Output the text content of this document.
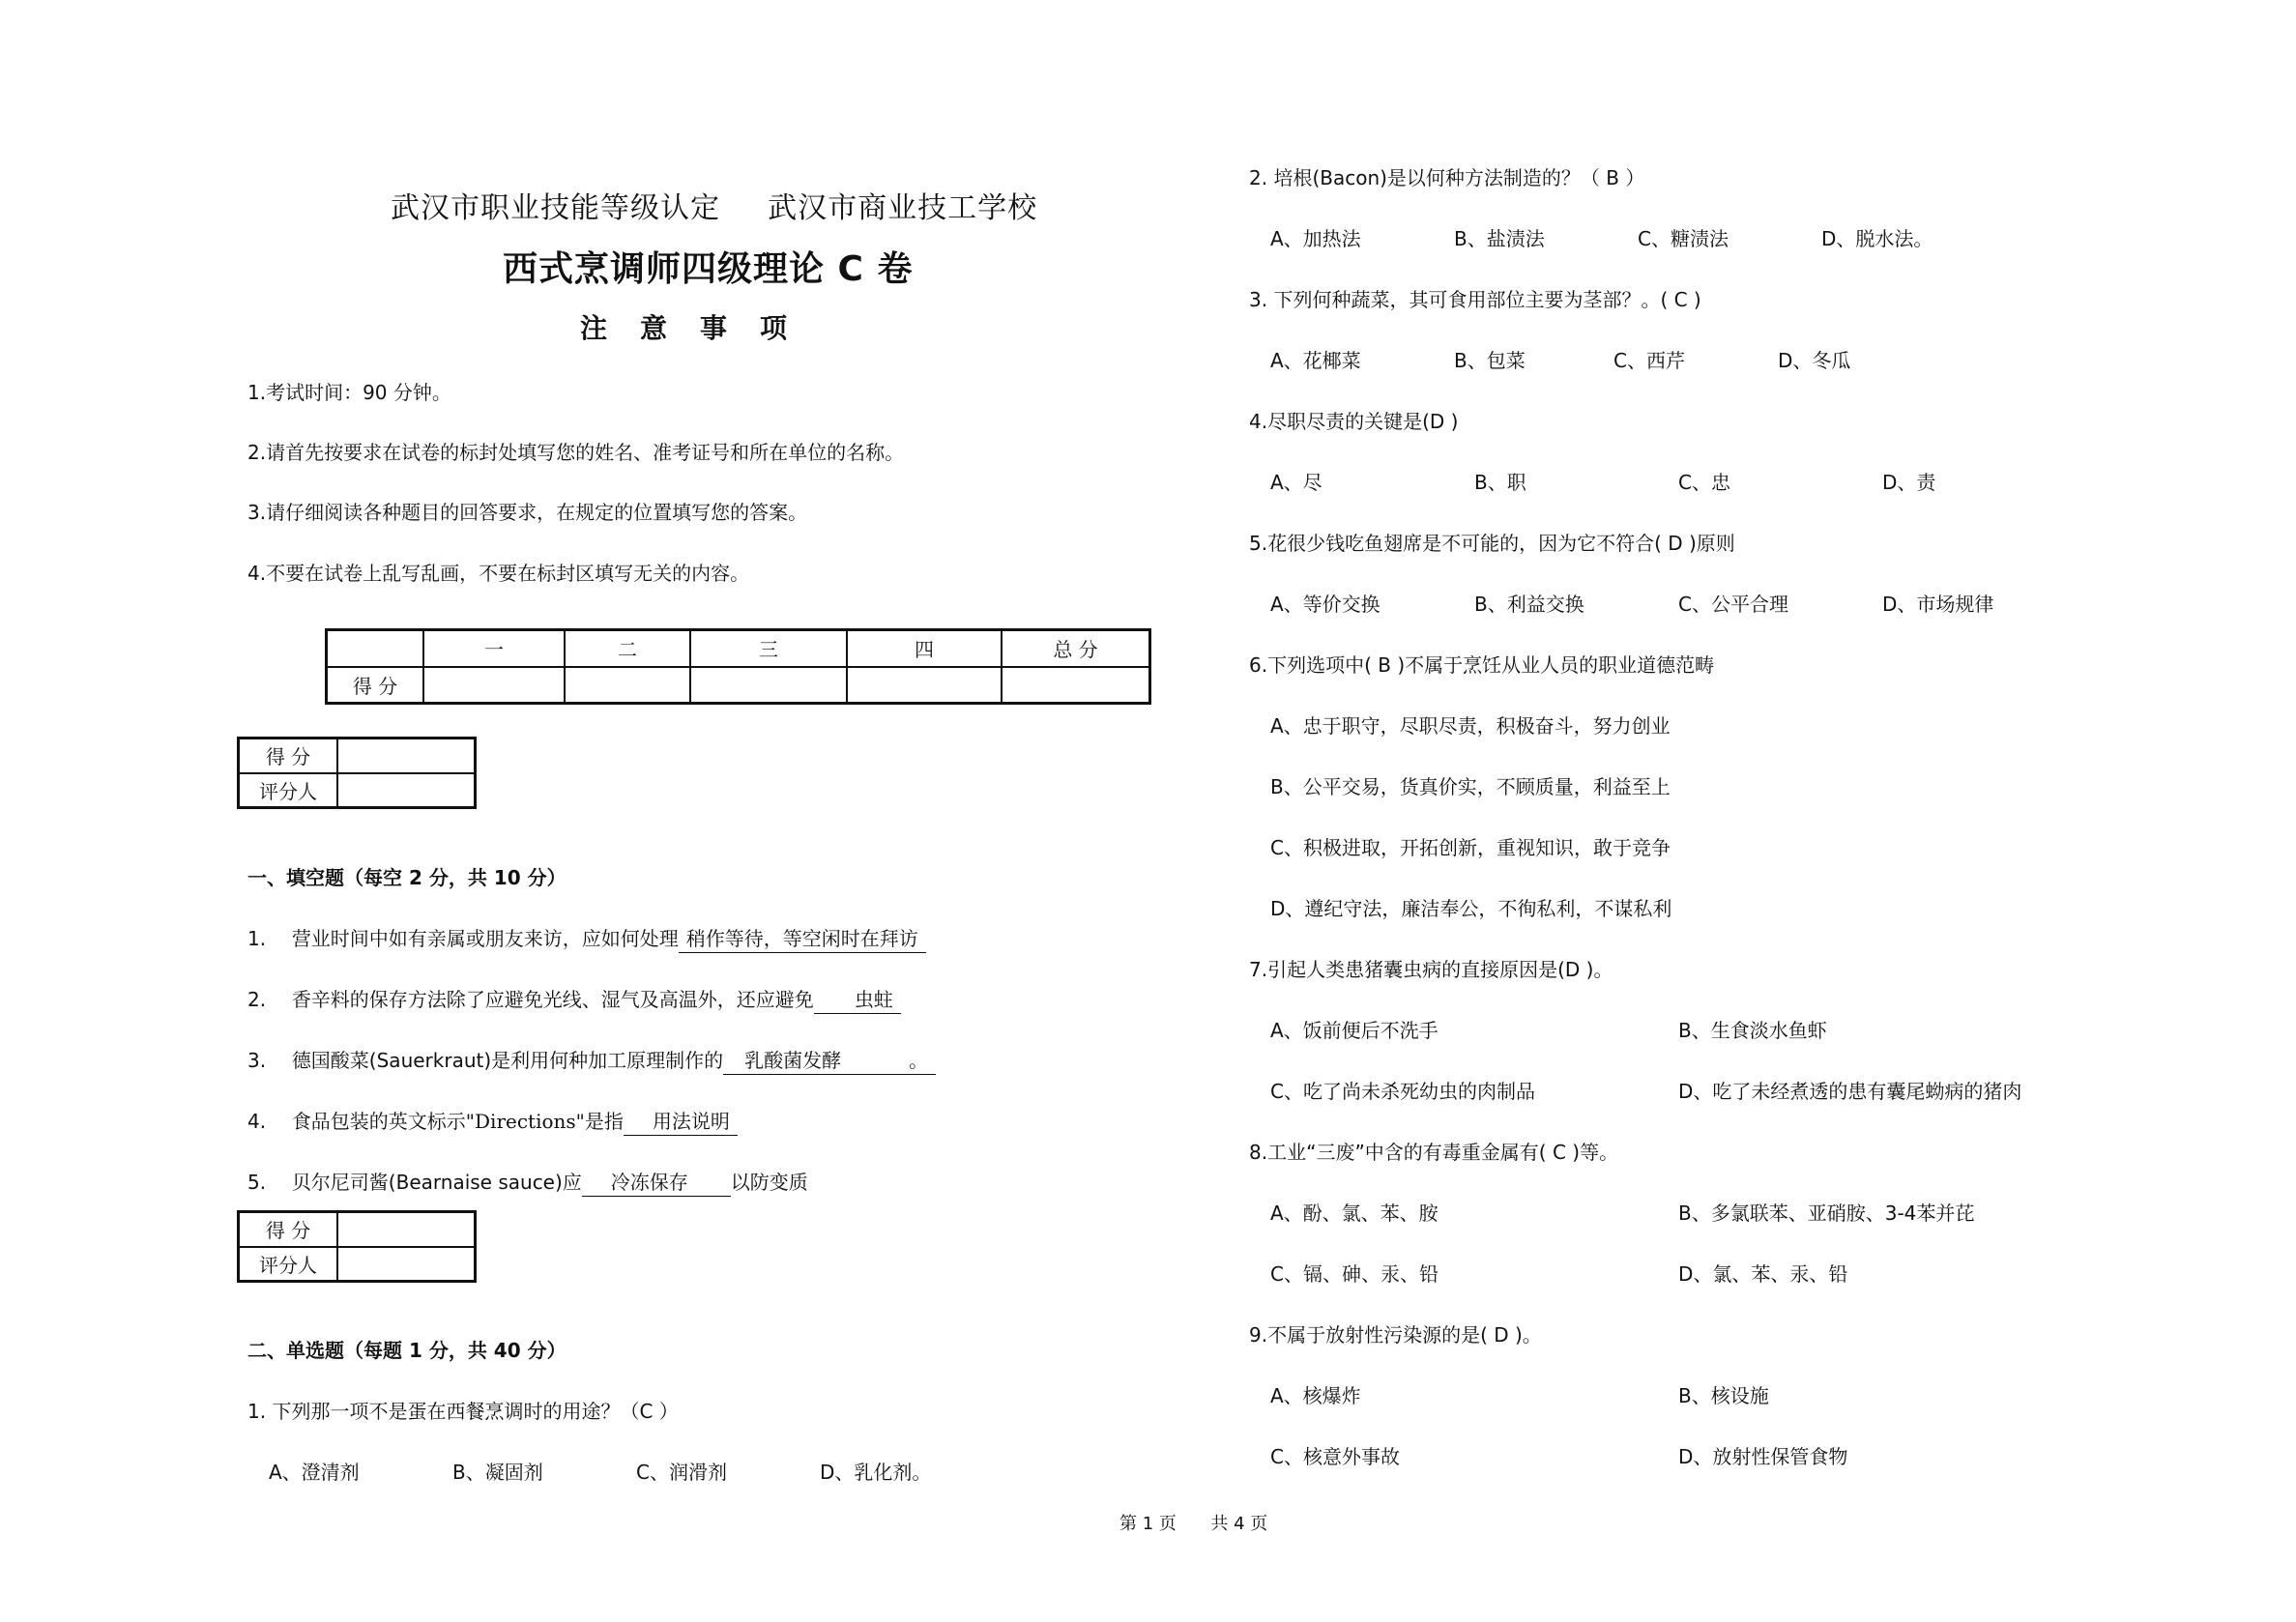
武汉市职业技能等级认定 武汉市商业技工学校
西式烹调师四级理论 C 卷
注意事项
1.考试时间：90 分钟。
2.请首先按要求在试卷的标封处填写您的姓名、准考证号和所在单位的名称。
3.请仔细阅读各种题目的回答要求，在规定的位置填写您的答案。
4.不要在试卷上乱写乱画，不要在标封区填写无关的内容。
	一	二	三	四	总 分
得 分					
得 分	
评分人	
一、填空题（每空 2 分，共 10 分）
1. 营业时间中如有亲属或朋友来访，应如何处理 稍作等待，等空闲时在拜访
2. 香辛料的保存方法除了应避免光线、湿气及高温外，还应避免 虫蛀
3. 德国酸菜(Sauerkraut)是利用何种加工原理制作的 乳酸菌发酵	。
4. 食品包装的英文标示"Directions"是指 用法说明
5. 贝尔尼司酱(Bearnaise sauce)应 冷冻保存 以防变质
得 分	
评分人	
二、单选题（每题 1 分，共 40 分）
1. 下列那一项不是蛋在西餐烹调时的用途？（C ）
A、澄清剂	B、凝固剂	C、润滑剂	D、乳化剂。
2. 培根(Bacon)是以何种方法制造的？（ B ）
A、加热法	B、盐渍法	C、糖渍法	D、脱水法。
3. 下列何种蔬菜，其可食用部位主要为茎部？。( C )
A、花椰菜	B、包菜	C、西芹	D、冬瓜
4.尽职尽责的关键是(D )
A、尽	B、职	C、忠	D、责
5.花很少钱吃鱼翅席是不可能的，因为它不符合( D )原则
A、等价交换	B、利益交换	C、公平合理	D、市场规律
6.下列选项中( B )不属于烹饪从业人员的职业道德范畴
A、忠于职守，尽职尽责，积极奋斗，努力创业
B、公平交易，货真价实，不顾质量，利益至上
C、积极进取，开拓创新，重视知识，敢于竞争
D、遵纪守法，廉洁奉公，不徇私利，不谋私利
7.引起人类患猪囊虫病的直接原因是(D )。
A、饭前便后不洗手	B、生食淡水鱼虾
C、吃了尚未杀死幼虫的肉制品	D、吃了未经煮透的患有囊尾蚴病的猪肉
8.工业“三废”中含的有毒重金属有( C )等。
A、酚、氯、苯、胺	B、多氯联苯、亚硝胺、3-4苯并芘
C、镉、砷、汞、铅	D、氯、苯、汞、铅
9.不属于放射性污染源的是( D )。
A、核爆炸	B、核设施
C、核意外事故	D、放射性保管食物
第 1 页 共 4 页
